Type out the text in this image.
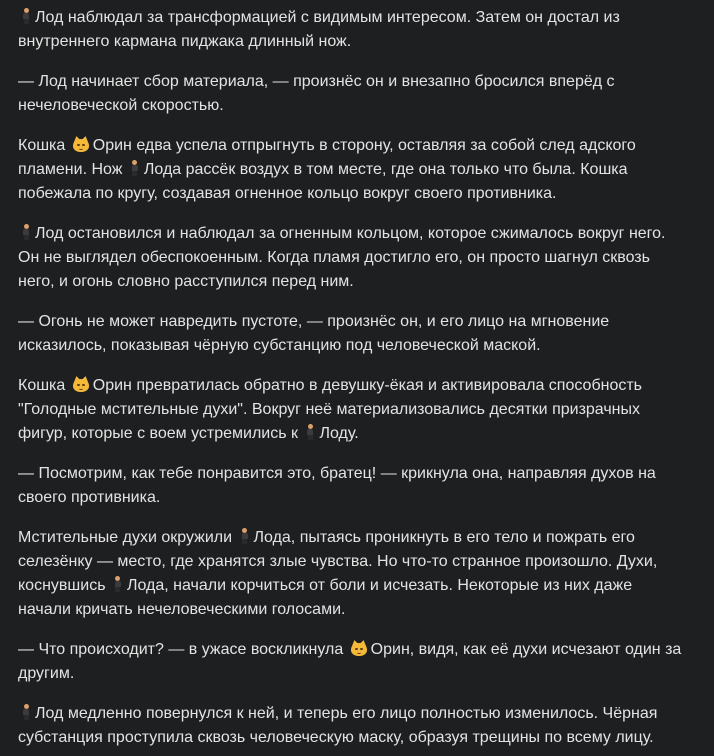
Лод наблюдал за трансформацией с видимым интересом. Затем он достал из внутреннего кармана пиджака длинный нож.

— Лод начинает сбор материала, — произнёс он и внезапно бросился вперёд с нечеловеческой скоростью.

Кошка
Орин едва успела отпрыгнуть в сторону, оставляя за собой след адского пламени. Нож
Лода рассёк воздух в том месте, где она только что была. Кошка побежала по кругу, создавая огненное кольцо вокруг своего противника.

Лод остановился и наблюдал за огненным кольцом, которое сжималось вокруг него. Он не выглядел обеспокоенным. Когда пламя достигло его, он просто шагнул сквозь него, и огонь словно расступился перед ним.

— Огонь не может навредить пустоте, — произнёс он, и его лицо на мгновение исказилось, показывая чёрную субстанцию под человеческой маской.

Кошка
Орин превратилась обратно в девушку-ёкая и активировала способность "Голодные мстительные духи". Вокруг неё материализовались десятки призрачных фигур, которые с воем устремились к
Лоду.

— Посмотрим, как тебе понравится это, братец! — крикнула она, направляя духов на своего противника.

Мстительные духи окружили
Лода, пытаясь проникнуть в его тело и пожрать его селезёнку — место, где хранятся злые чувства. Но что-то странное произошло. Духи, коснувшись
Лода, начали корчиться от боли и исчезать. Некоторые из них даже начали кричать нечеловеческими голосами.

— Что происходит? — в ужасе воскликнула
Орин, видя, как её духи исчезают один за другим.

Лод медленно повернулся к ней, и теперь его лицо полностью изменилось. Чёрная субстанция проступила сквозь человеческую маску, образуя трещины по всему лицу.
